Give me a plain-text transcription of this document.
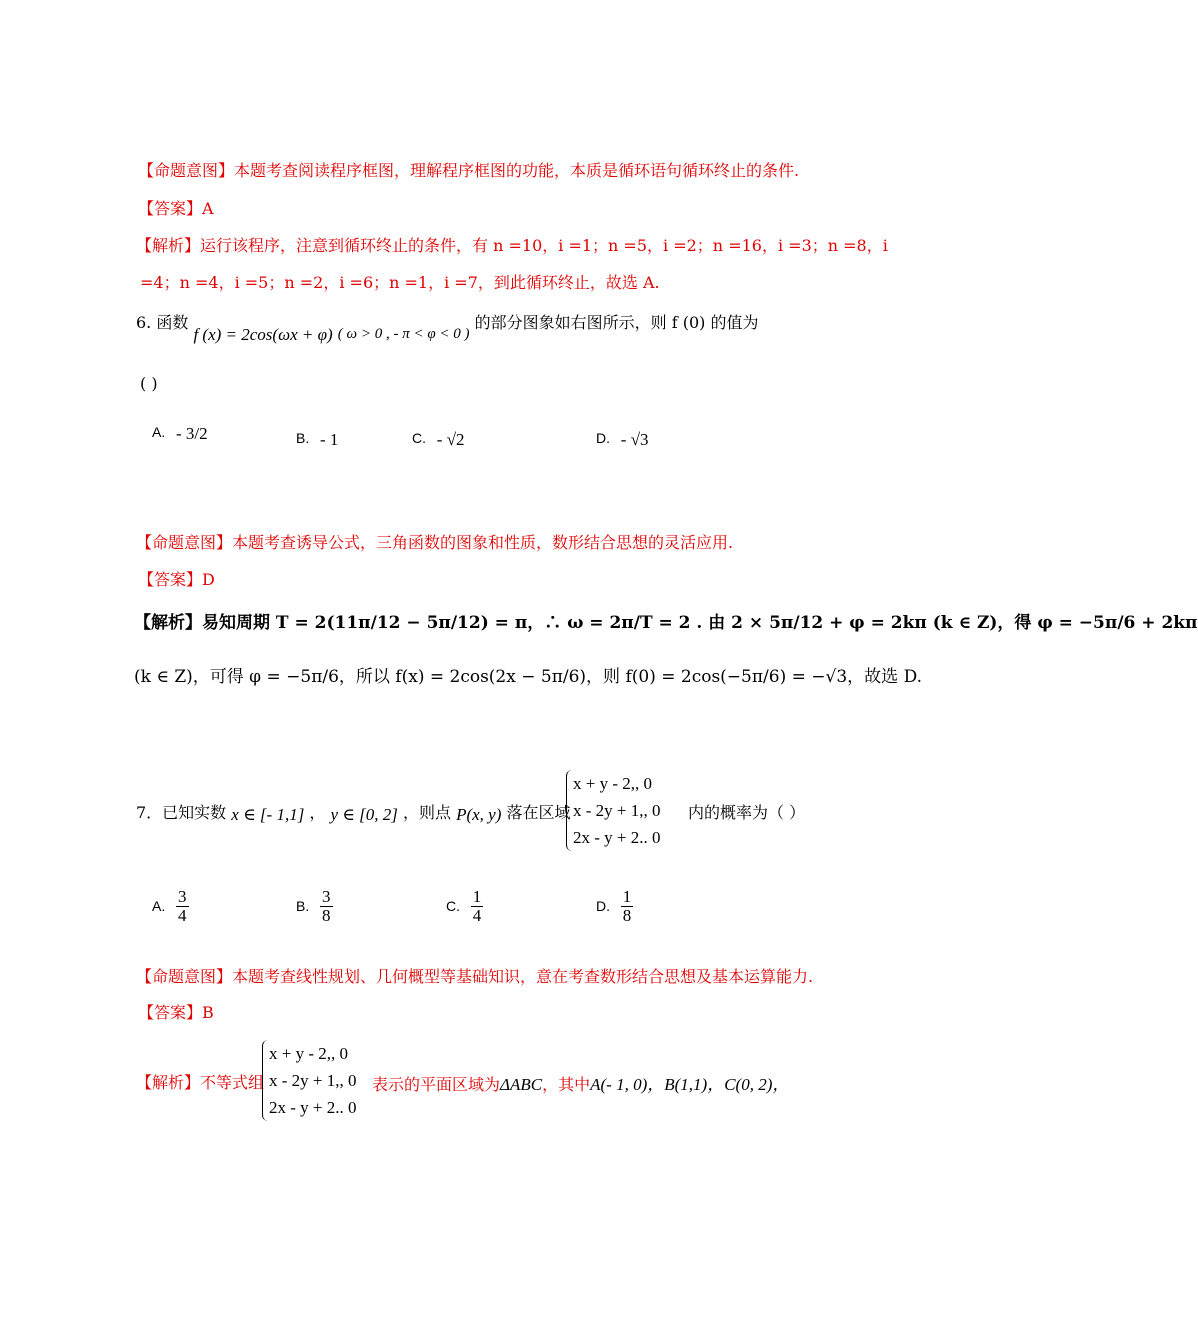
【命题意图】本题考查阅读程序框图，理解程序框图的功能，本质是循环语句循环终止的条件.
【答案】A
【解析】运行该程序，注意到循环终止的条件，有 n =10，i =1；n =5，i =2；n =16，i =3；n =8，i
=4；n =4，i =5；n =2，i =6；n =1，i =7，到此循环终止，故选 A.
6. 函数 f (x) = 2cos(ωx + φ) ( ω > 0 , - π < φ < 0 ) 的部分图象如右图所示，则 f (0) 的值为
( )
A. - 3/2	B. - 1	C. - √2	D. - √3
【命题意图】本题考查诱导公式，三角函数的图象和性质，数形结合思想的灵活应用.
【答案】D
【解析】易知周期 T = 2(11π/12 − 5π/12) = π，∴ ω = 2π/T = 2 . 由 2 × 5π/12 + φ = 2kπ (k ∈ Z)，得 φ = −5π/6 + 2kπ
(k ∈ Z)，可得 φ = −5π/6，所以 f(x) = 2cos(2x − 5π/6)，则 f(0) = 2cos(−5π/6) = −√3，故选 D.
7．已知实数 x ∈ [- 1,1] ， y ∈ [0, 2] ，则点 P(x, y) 落在区域
x + y - 2,, 0
x - 2y + 1,, 0
2x - y + 2.. 0
内的概率为（ ）
A. $\frac{3}{4}$	B. $\frac{3}{8}$	C. $\frac{1}{4}$	D. $\frac{1}{8}$
【命题意图】本题考查线性规划、几何概型等基础知识，意在考查数形结合思想及基本运算能力.
【答案】B
【解析】不等式组
x + y - 2,, 0
x - 2y + 1,, 0
2x - y + 2.. 0
表示的平面区域为ΔABC，其中A(- 1, 0)，B(1,1)，C(0, 2)，
